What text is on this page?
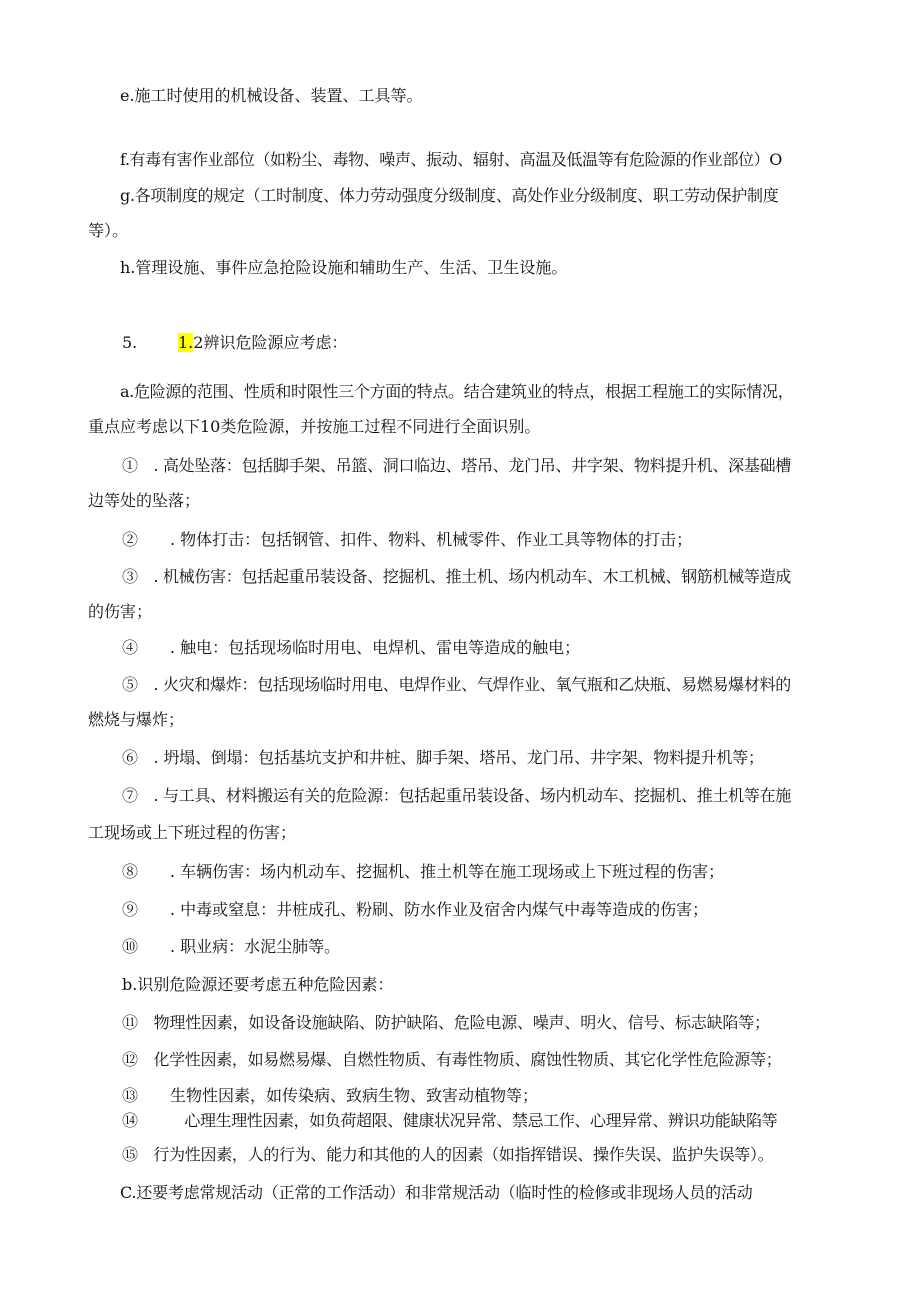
e.施工时使用的机械设备、装置、工具等。
f.有毒有害作业部位（如粉尘、毒物、噪声、振动、辐射、高温及低温等有危险源的作业部位）O
g.各项制度的规定（工时制度、体力劳动强度分级制度、高处作业分级制度、职工劳动保护制度
等）。
h.管理设施、事件应急抢险设施和辅助生产、生活、卫生设施。
5.	1.2辨识危险源应考虑：
a.危险源的范围、性质和时限性三个方面的特点。结合建筑业的特点，根据工程施工的实际情况，
重点应考虑以下10类危险源，并按施工过程不同进行全面识别。
①　. 高处坠落：包括脚手架、吊篮、洞口临边、塔吊、龙门吊、井字架、物料提升机、深基础槽
边等处的坠落；
②　　. 物体打击：包括钢管、扣件、物料、机械零件、作业工具等物体的打击；
③　. 机械伤害：包括起重吊装设备、挖掘机、推土机、场内机动车、木工机械、钢筋机械等造成
的伤害；
④　　. 触电：包括现场临时用电、电焊机、雷电等造成的触电；
⑤　. 火灾和爆炸：包括现场临时用电、电焊作业、气焊作业、氧气瓶和乙炔瓶、易燃易爆材料的
燃烧与爆炸；
⑥　. 坍塌、倒塌：包括基坑支护和井桩、脚手架、塔吊、龙门吊、井字架、物料提升机等；
⑦　. 与工具、材料搬运有关的危险源：包括起重吊装设备、场内机动车、挖掘机、推土机等在施
工现场或上下班过程的伤害；
⑧　　. 车辆伤害：场内机动车、挖掘机、推土机等在施工现场或上下班过程的伤害；
⑨　　. 中毒或窒息：井桩成孔、粉刷、防水作业及宿舍内煤气中毒等造成的伤害；
⑩　　. 职业病：水泥尘肺等。
b.识别危险源还要考虑五种危险因素：
⑪　物理性因素，如设备设施缺陷、防护缺陷、危险电源、噪声、明火、信号、标志缺陷等；
⑫　化学性因素，如易燃易爆、自燃性物质、有毒性物质、腐蚀性物质、其它化学性危险源等；
⑬　　生物性因素，如传染病、致病生物、致害动植物等；
⑭　　　心理生理性因素，如负荷超限、健康状况异常、禁忌工作、心理异常、辨识功能缺陷等
⑮　行为性因素，人的行为、能力和其他的人的因素（如指挥错误、操作失误、监护失误等）。
C.还要考虑常规活动（正常的工作活动）和非常规活动（临时性的检修或非现场人员的活动
